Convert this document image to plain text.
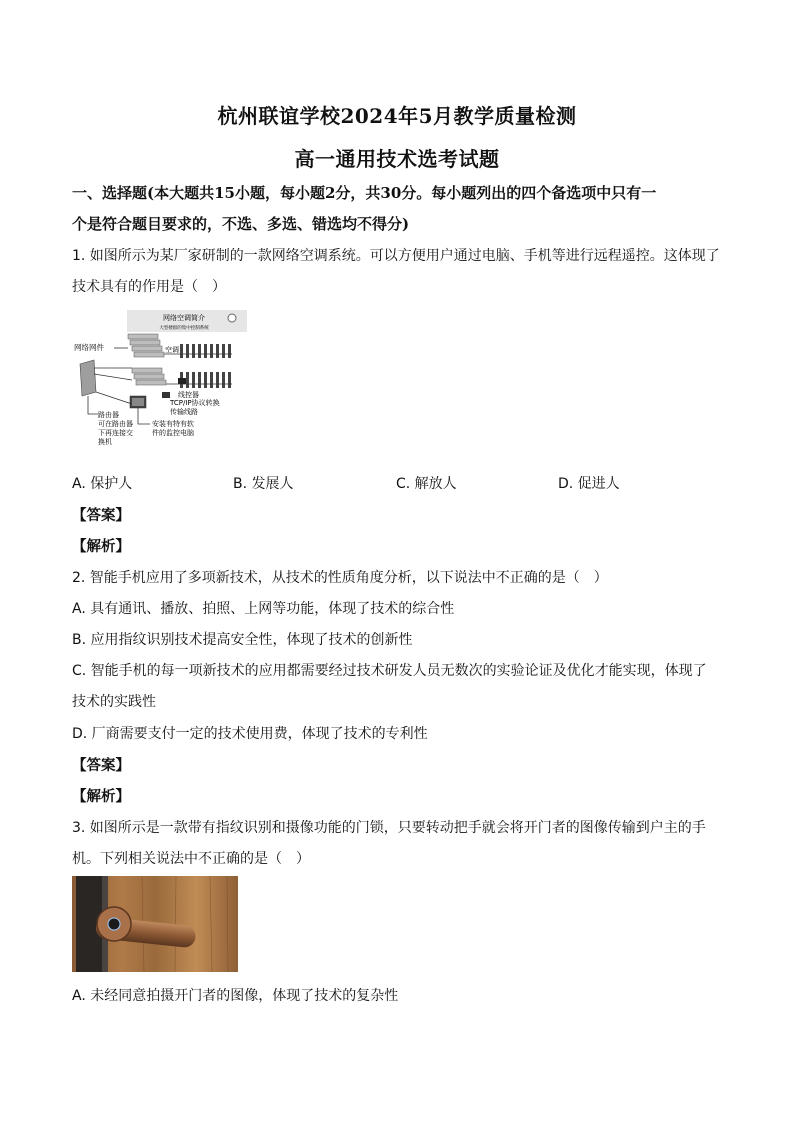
杭州联谊学校2024年5月教学质量检测
高一通用技术选考试题
一、选择题(本大题共15小题，每小题2分，共30分。每小题列出的四个备选项中只有一
个是符合题目要求的，不选、多选、错选均不得分)
1. 如图所示为某厂家研制的一款网络空调系统。可以方便用户通过电脑、手机等进行远程遥控。这体现了
技术具有的作用是（　）
网络空调简介
大型楼群的集中控制系统
空调
网络网件
线控器
TCP/IP协议转换
传输线路
安装有特有软
件的监控电脑
路由器
可在路由器
下再连接交
换机
A. 保护人	B. 发展人	C. 解放人	D. 促进人
【答案】
【解析】
2. 智能手机应用了多项新技术，从技术的性质角度分析，以下说法中不正确的是（　）
A. 具有通讯、播放、拍照、上网等功能，体现了技术的综合性
B. 应用指纹识别技术提高安全性，体现了技术的创新性
C. 智能手机的每一项新技术的应用都需要经过技术研发人员无数次的实验论证及优化才能实现，体现了
技术的实践性
D. 厂商需要支付一定的技术使用费，体现了技术的专利性
【答案】
【解析】
3. 如图所示是一款带有指纹识别和摄像功能的门锁，只要转动把手就会将开门者的图像传输到户主的手
机。下列相关说法中不正确的是（　）
A. 未经同意拍摄开门者的图像，体现了技术的复杂性
